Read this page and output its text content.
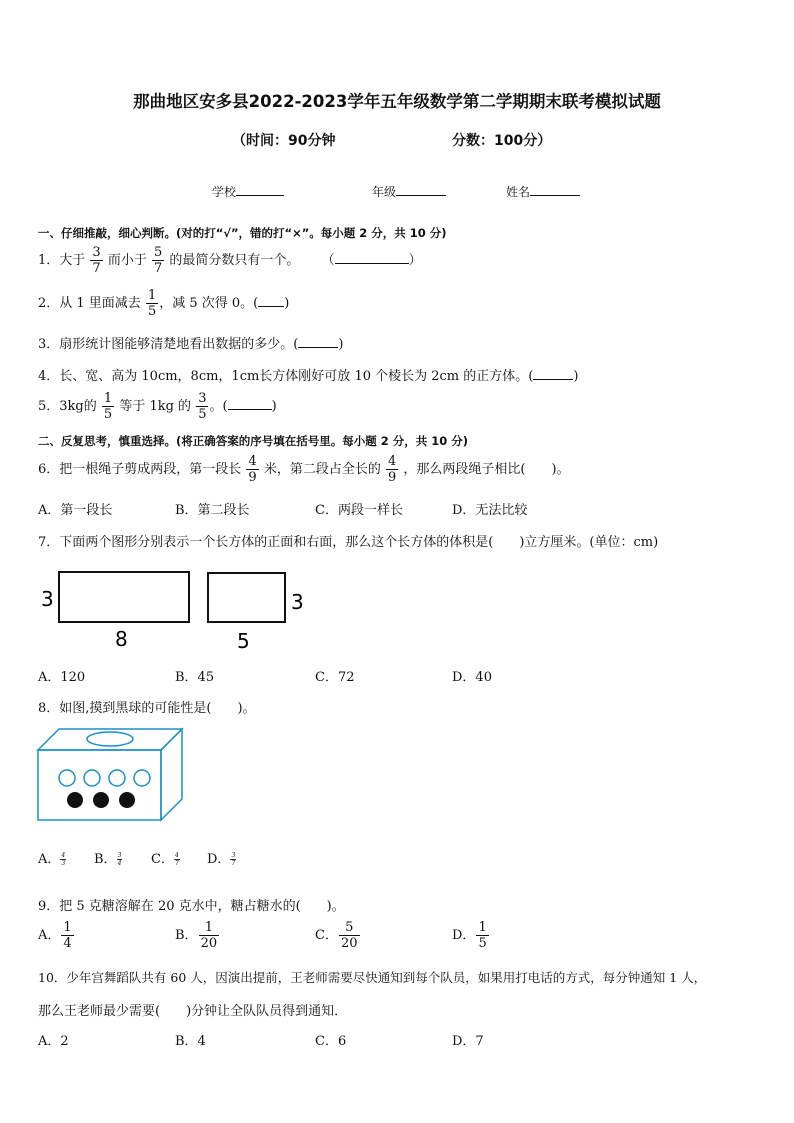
那曲地区安多县2022-2023学年五年级数学第二学期期末联考模拟试题
（时间：90分钟	分数：100分）
学校	年级	姓名
一、仔细推敲，细心判断。(对的打“√”，错的打“×”。每小题 2 分，共 10 分)
1．大于 $\frac{3}{7}$ 而小于 $\frac{5}{7}$ 的最简分数只有一个。 （	）
2．从 1 里面减去 $\frac{1}{5}$ ，减 5 次得 0。( )
3．扇形统计图能够清楚地看出数据的多少。(	)
4．长、宽、高为 10cm，8cm，1cm长方体刚好可放 10 个棱长为 2cm 的正方体。(	)
5．3kg的 $\frac{1}{5}$ 等于 1kg 的 $\frac{3}{5}$ 。(	)
二、反复思考，慎重选择。(将正确答案的序号填在括号里。每小题 2 分，共 10 分)
6．把一根绳子剪成两段，第一段长 $\frac{4}{9}$ 米，第二段占全长的 $\frac{4}{9}$ ，那么两段绳子相比(　　)。
A．第一段长	B．第二段长	C．两段一样长	D．无法比较
7．下面两个图形分别表示一个长方体的正面和右面，那么这个长方体的体积是(　　)立方厘米。(单位：cm)
3
8
3
5
A．120	B．45	C．72	D．40
8．如图,摸到黑球的可能性是(　　)。
A． $\frac{4}{3}$ B． $\frac{3}{4}$ C． $\frac{4}{7}$ D． $\frac{3}{7}$
9．把 5 克糖溶解在 20 克水中，糖占糖水的(　　)。
A． $\frac{1}{4}$	B． $\frac{1}{20}$	C． $\frac{5}{20}$	D． $\frac{1}{5}$
10．少年宫舞蹈队共有 60 人，因演出提前，王老师需要尽快通知到每个队员，如果用打电话的方式，每分钟通知 1 人，
那么王老师最少需要(　　)分钟让全队队员得到通知．
A．2	B．4	C．6	D．7
